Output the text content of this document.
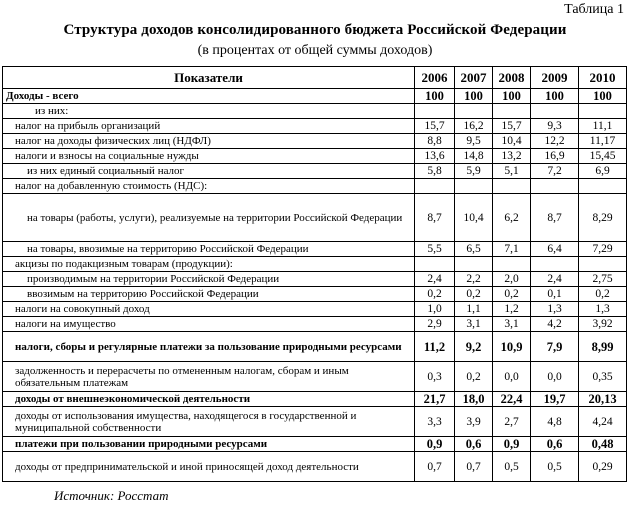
Таблица 1
Структура доходов консолидированного бюджета Российской Федерации
(в процентах от общей суммы доходов)
Показатели	2006	2007	2008	2009	2010
Доходы - всего	100	100	100	100	100
из них:					
налог на прибыль организаций	15,7	16,2	15,7	9,3	11,1
налог на доходы физических лиц (НДФЛ)	8,8	9,5	10,4	12,2	11,17
налоги и взносы на социальные нужды	13,6	14,8	13,2	16,9	15,45
из них единый социальный налог	5,8	5,9	5,1	7,2	6,9
налог на добавленную стоимость (НДС):					
на товары (работы, услуги), реализуемые на территории Российской Федерации	8,7	10,4	6,2	8,7	8,29
на товары, ввозимые на территорию Российской Федерации	5,5	6,5	7,1	6,4	7,29
акцизы по подакцизным товарам (продукции):					
производимым на территории Российской Федерации	2,4	2,2	2,0	2,4	2,75
ввозимым на территорию Российской Федерации	0,2	0,2	0,2	0,1	0,2
налоги на совокупный доход	1,0	1,1	1,2	1,3	1,3
налоги на имущество	2,9	3,1	3,1	4,2	3,92
налоги, сборы и регулярные платежи за пользование природными ресурсами	11,2	9,2	10,9	7,9	8,99
задолженность и перерасчеты по отмененным налогам, сборам и иным обязательным платежам	0,3	0,2	0,0	0,0	0,35
доходы от внешнеэкономической деятельности	21,7	18,0	22,4	19,7	20,13
доходы от использования имущества, находящегося в государственной и муниципальной собственности	3,3	3,9	2,7	4,8	4,24
платежи при пользовании природными ресурсами	0,9	0,6	0,9	0,6	0,48
доходы от предпринимательской и иной приносящей доход деятельности	0,7	0,7	0,5	0,5	0,29
Источник: Росстат
